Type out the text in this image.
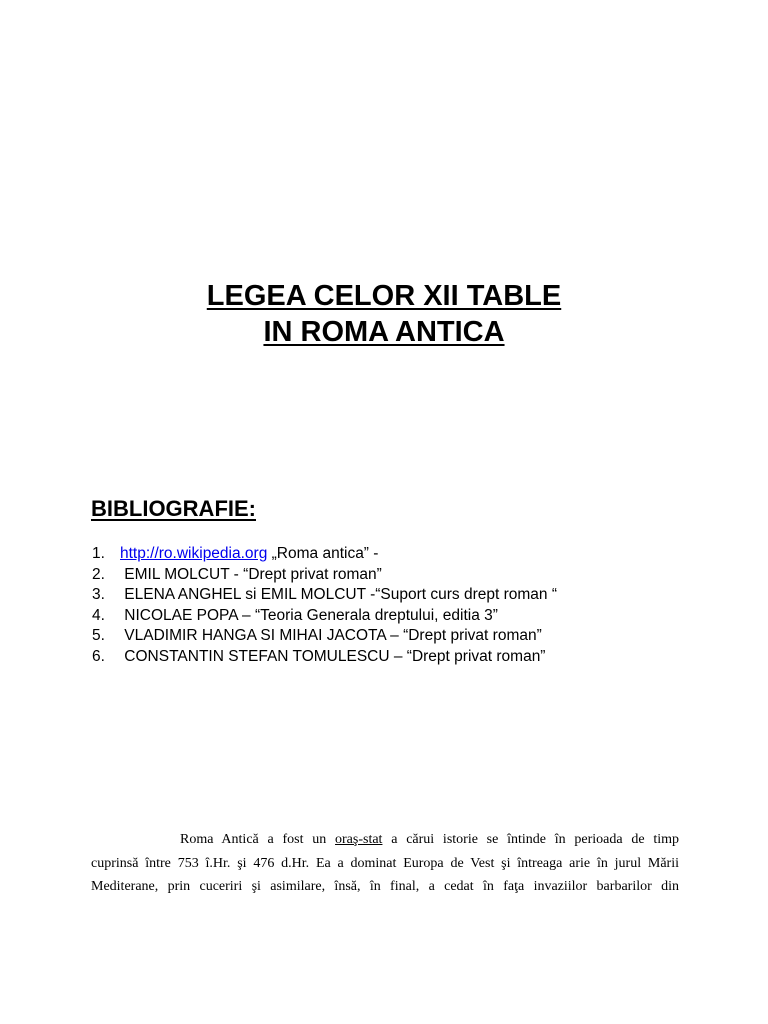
LEGEA CELOR XII TABLE
IN ROMA ANTICA
BIBLIOGRAFIE:
1. http://ro.wikipedia.org „Roma antica” -
2. EMIL MOLCUT - “Drept privat roman”
3. ELENA ANGHEL si EMIL MOLCUT -“Suport curs drept roman “
4. NICOLAE POPA – “Teoria Generala dreptului, editia 3”
5. VLADIMIR HANGA SI MIHAI JACOTA – “Drept privat roman”
6. CONSTANTIN STEFAN TOMULESCU – “Drept privat roman”
Roma Antică a fost un oraş-stat a cărui istorie se întinde în perioada de timp
cuprinsă între 753 î.Hr. şi 476 d.Hr. Ea a dominat Europa de Vest şi întreaga arie în jurul Mării
Mediterane, prin cuceriri şi asimilare, însă, în final, a cedat în faţa invaziilor barbarilor din
